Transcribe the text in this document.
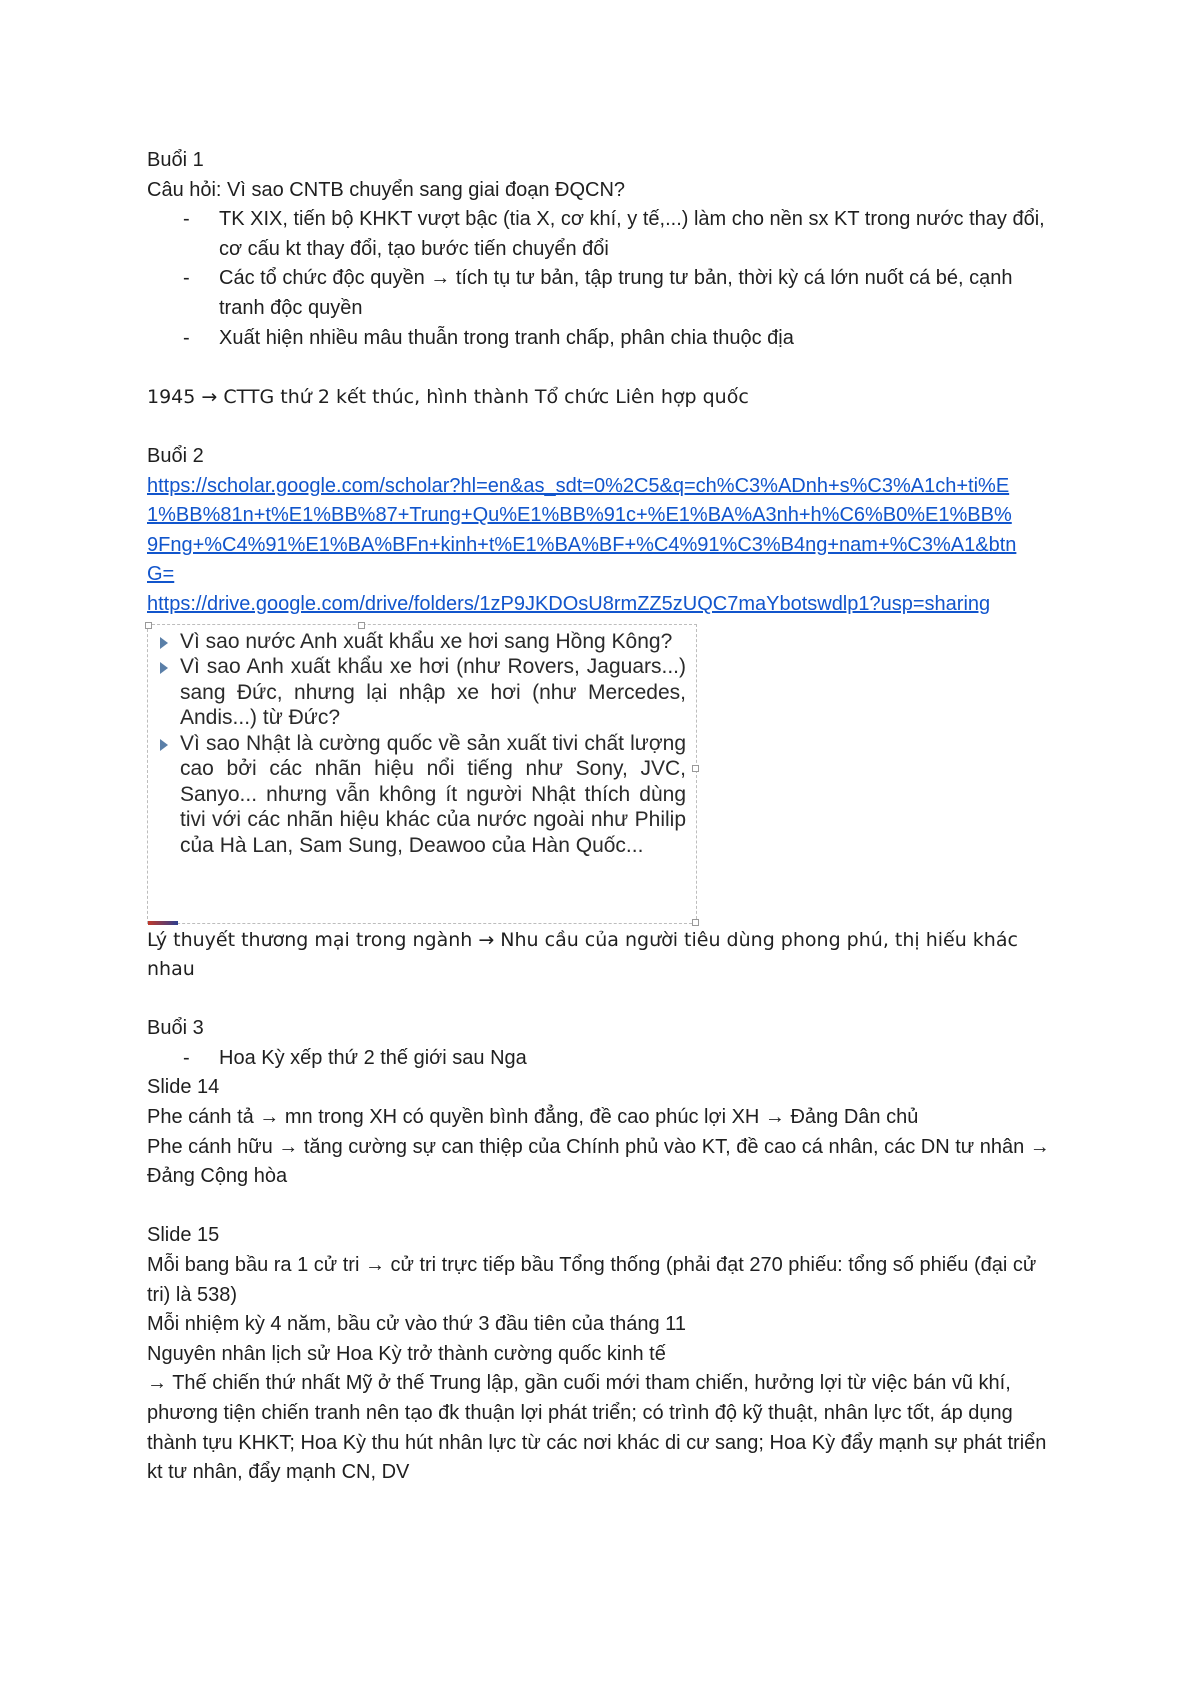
Buổi 1

Câu hỏi: Vì sao CNTB chuyển sang giai đoạn ĐQCN?

- TK XIX, tiến bộ KHKT vượt bậc (tia X, cơ khí, y tế,...) làm cho nền sx KT trong nước thay đổi, cơ cấu kt thay đổi, tạo bước tiến chuyển đổi
- Các tổ chức độc quyền → tích tụ tư bản, tập trung tư bản, thời kỳ cá lớn nuốt cá bé, cạnh tranh độc quyền
- Xuất hiện nhiều mâu thuẫn trong tranh chấp, phân chia thuộc địa

1945 → CTTG thứ 2 kết thúc, hình thành Tổ chức Liên hợp quốc

Buổi 2

https://scholar.google.com/scholar?hl=en&as_sdt=0%2C5&q=ch%C3%ADnh+s%C3%A1ch+ti%E1%BB%81n+t%E1%BB%87+Trung+Qu%E1%BB%91c+%E1%BA%A3nh+h%C6%B0%E1%BB%9Fng+%C4%91%E1%BA%BFn+kinh+t%E1%BA%BF+%C4%91%C3%B4ng+nam+%C3%A1&btnG=
https://drive.google.com/drive/folders/1zP9JKDOsU8rmZZ5zUQC7maYbotswdlp1?usp=sharing
Vì sao nước Anh xuất khẩu xe hơi sang Hồng Kông?
Vì sao Anh xuất khẩu xe hơi (như Rovers, Jaguars...) sang Đức, nhưng lại nhập xe hơi (như Mercedes, Andis...) từ Đức?
Vì sao Nhật là cường quốc về sản xuất tivi chất lượng cao bởi các nhãn hiệu nổi tiếng như Sony, JVC, Sanyo... nhưng vẫn không ít người Nhật thích dùng tivi với các nhãn hiệu khác của nước ngoài như Philip của Hà Lan, Sam Sung, Deawoo của Hàn Quốc...

Lý thuyết thương mại trong ngành → Nhu cầu của người tiêu dùng phong phú, thị hiếu khác nhau

Buổi 3

- Hoa Kỳ xếp thứ 2 thế giới sau Nga

Slide 14

Phe cánh tả → mn trong XH có quyền bình đẳng, đề cao phúc lợi XH → Đảng Dân chủ

Phe cánh hữu → tăng cường sự can thiệp của Chính phủ vào KT, đề cao cá nhân, các DN tư nhân → Đảng Cộng hòa

Slide 15

Mỗi bang bầu ra 1 cử tri → cử tri trực tiếp bầu Tổng thống (phải đạt 270 phiếu: tổng số phiếu (đại cử tri) là 538)

Mỗi nhiệm kỳ 4 năm, bầu cử vào thứ 3 đầu tiên của tháng 11

Nguyên nhân lịch sử Hoa Kỳ trở thành cường quốc kinh tế

→ Thế chiến thứ nhất Mỹ ở thế Trung lập, gần cuối mới tham chiến, hưởng lợi từ việc bán vũ khí, phương tiện chiến tranh nên tạo đk thuận lợi phát triển; có trình độ kỹ thuật, nhân lực tốt, áp dụng thành tựu KHKT; Hoa Kỳ thu hút nhân lực từ các nơi khác di cư sang; Hoa Kỳ đẩy mạnh sự phát triển kt tư nhân, đẩy mạnh CN, DV
